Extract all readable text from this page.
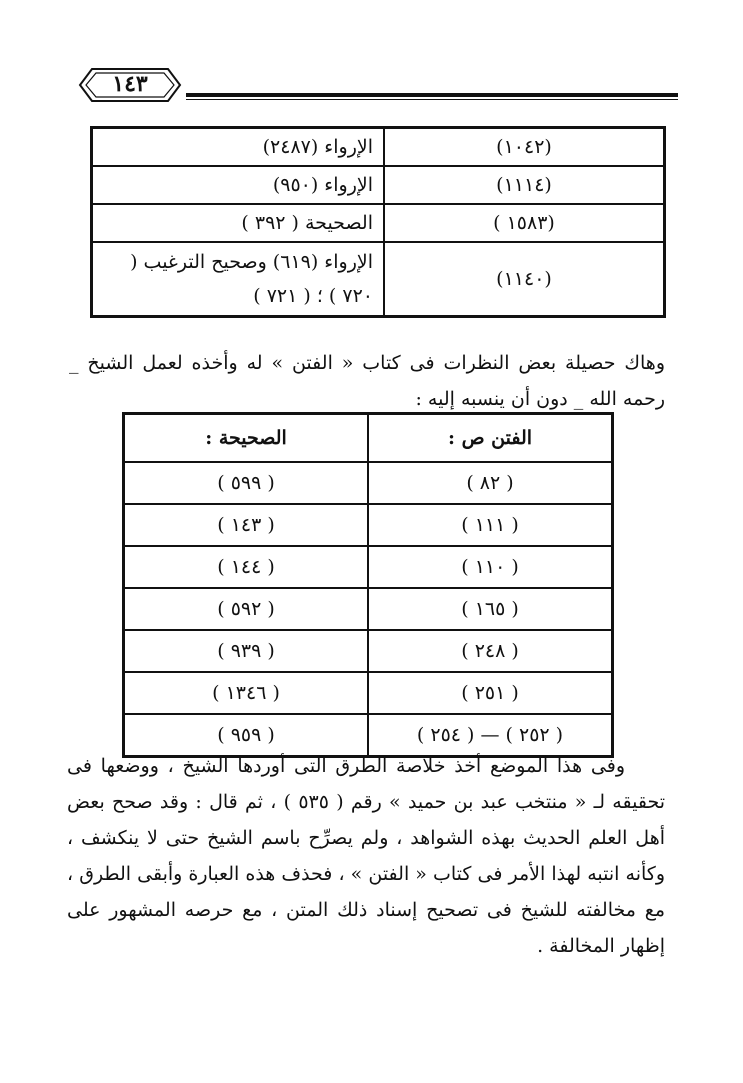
١٤٣
(١٠٤٢)	الإرواء (٢٤٨٧)
(١١١٤)	الإرواء (٩٥٠)
(١٥٨٣ )	الصحيحة ( ٣٩٢ )
(١١٤٠)	الإرواء (٦١٩) وصحيح الترغيب ( ٧٢٠ ) ؛ ( ٧٢١ )
وهاك حصيلة بعض النظرات فى كتاب « الفتن » له وأخذه لعمل الشيخ _ رحمه الله _ دون أن ينسبه إليه :
الفتن ص :	الصحيحة :
( ٨٢ )	( ٥٩٩ )
( ١١١ )	( ١٤٣ )
( ١١٠ )	( ١٤٤ )
( ١٦٥ )	( ٥٩٢ )
( ٢٤٨ )	( ٩٣٩ )
( ٢٥١ )	( ١٣٤٦ )
( ٢٥٢ ) — ( ٢٥٤ )	( ٩٥٩ )
وفى هذا الموضع أخذ خلاصة الطرق التى أوردها الشيخ ، ووضعها فى تحقيقه لـ « منتخب عبد بن حميد » رقم ( ٥٣٥ ) ، ثم قال : وقد صحح بعض أهل العلم الحديث بهذه الشواهد ، ولم يصرِّح باسم الشيخ حتى لا ينكشف ، وكأنه انتبه لهذا الأمر فى كتاب « الفتن » ، فحذف هذه العبارة وأبقى الطرق ، مع مخالفته للشيخ فى تصحيح إسناد ذلك المتن ، مع حرصه المشهور على إظهار المخالفة .
